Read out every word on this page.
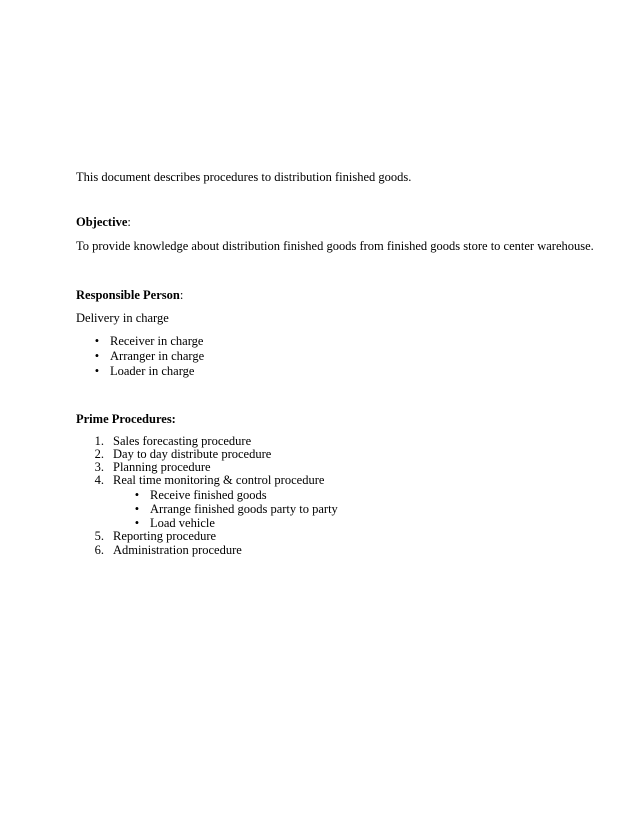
This document describes procedures to distribution finished goods.
Objective:
To provide knowledge about distribution finished goods from finished goods store to center warehouse.
Responsible Person:
Delivery in charge
• Receiver in charge
• Arranger in charge
• Loader in charge
Prime Procedures:
1. Sales forecasting procedure
2. Day to day distribute procedure
3. Planning procedure
4. Real time monitoring & control procedure
• Receive finished goods
• Arrange finished goods party to party
• Load vehicle
5. Reporting procedure
6. Administration procedure
